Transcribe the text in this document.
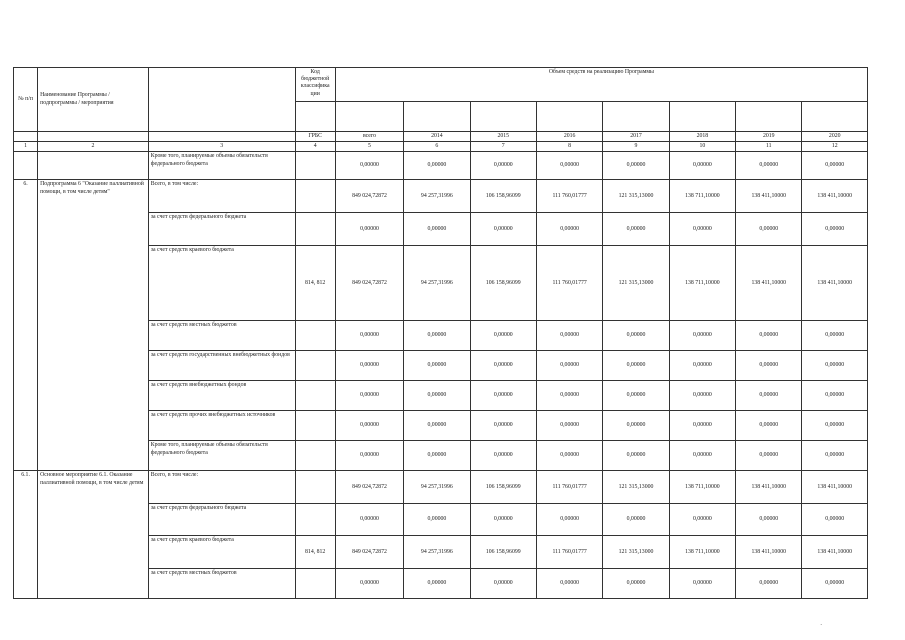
№ п/п	Наименование Программы / подпрограммы / мероприятия		Код бюджетной классифика ции	Объем средств на реализацию Программы							

			ГРБС	всего	2014	2015	2016	2017	2018	2019	2020
1	2	3	4	5	6	7	8	9	10	11	12
		Кроме того, планируемые объемы обязательств федерального бюджета		0,00000	0,00000	0,00000	0,00000	0,00000	0,00000	0,00000	0,00000
6.	Подпрограмма 6 "Оказание паллиативной помощи, в том числе детям"	Всего, в том числе:		849 024,72872	94 257,31996	106 158,96099	111 760,01777	121 315,13000	138 711,10000	138 411,10000	138 411,10000
		за счет средств федерального бюджета		0,00000	0,00000	0,00000	0,00000	0,00000	0,00000	0,00000	0,00000
		за счет средств краевого бюджета	814, 812	849 024,72872	94 257,31996	106 158,96099	111 760,01777	121 315,13000	138 711,10000	138 411,10000	138 411,10000
		за счет средств местных бюджетов		0,00000	0,00000	0,00000	0,00000	0,00000	0,00000	0,00000	0,00000
		за счет средств государственных внебюджетных фондов		0,00000	0,00000	0,00000	0,00000	0,00000	0,00000	0,00000	0,00000
		за счет средств внебюджетных фондов		0,00000	0,00000	0,00000	0,00000	0,00000	0,00000	0,00000	0,00000
		за счет средств прочих внебюджетных источников		0,00000	0,00000	0,00000	0,00000	0,00000	0,00000	0,00000	0,00000
		Кроме того, планируемые объемы обязательств федерального бюджета		0,00000	0,00000	0,00000	0,00000	0,00000	0,00000	0,00000	0,00000
6.1.	Основное мероприятие 6.1. Оказание паллиативной помощи, в том числе детям	Всего, в том числе:		849 024,72872	94 257,31996	106 158,96099	111 760,01777	121 315,13000	138 711,10000	138 411,10000	138 411,10000
		за счет средств федерального бюджета		0,00000	0,00000	0,00000	0,00000	0,00000	0,00000	0,00000	0,00000
		за счет средств краевого бюджета	814, 812	849 024,72872	94 257,31996	106 158,96099	111 760,01777	121 315,13000	138 711,10000	138 411,10000	138 411,10000
		за счет средств местных бюджетов		0,00000	0,00000	0,00000	0,00000	0,00000	0,00000	0,00000	0,00000
·
